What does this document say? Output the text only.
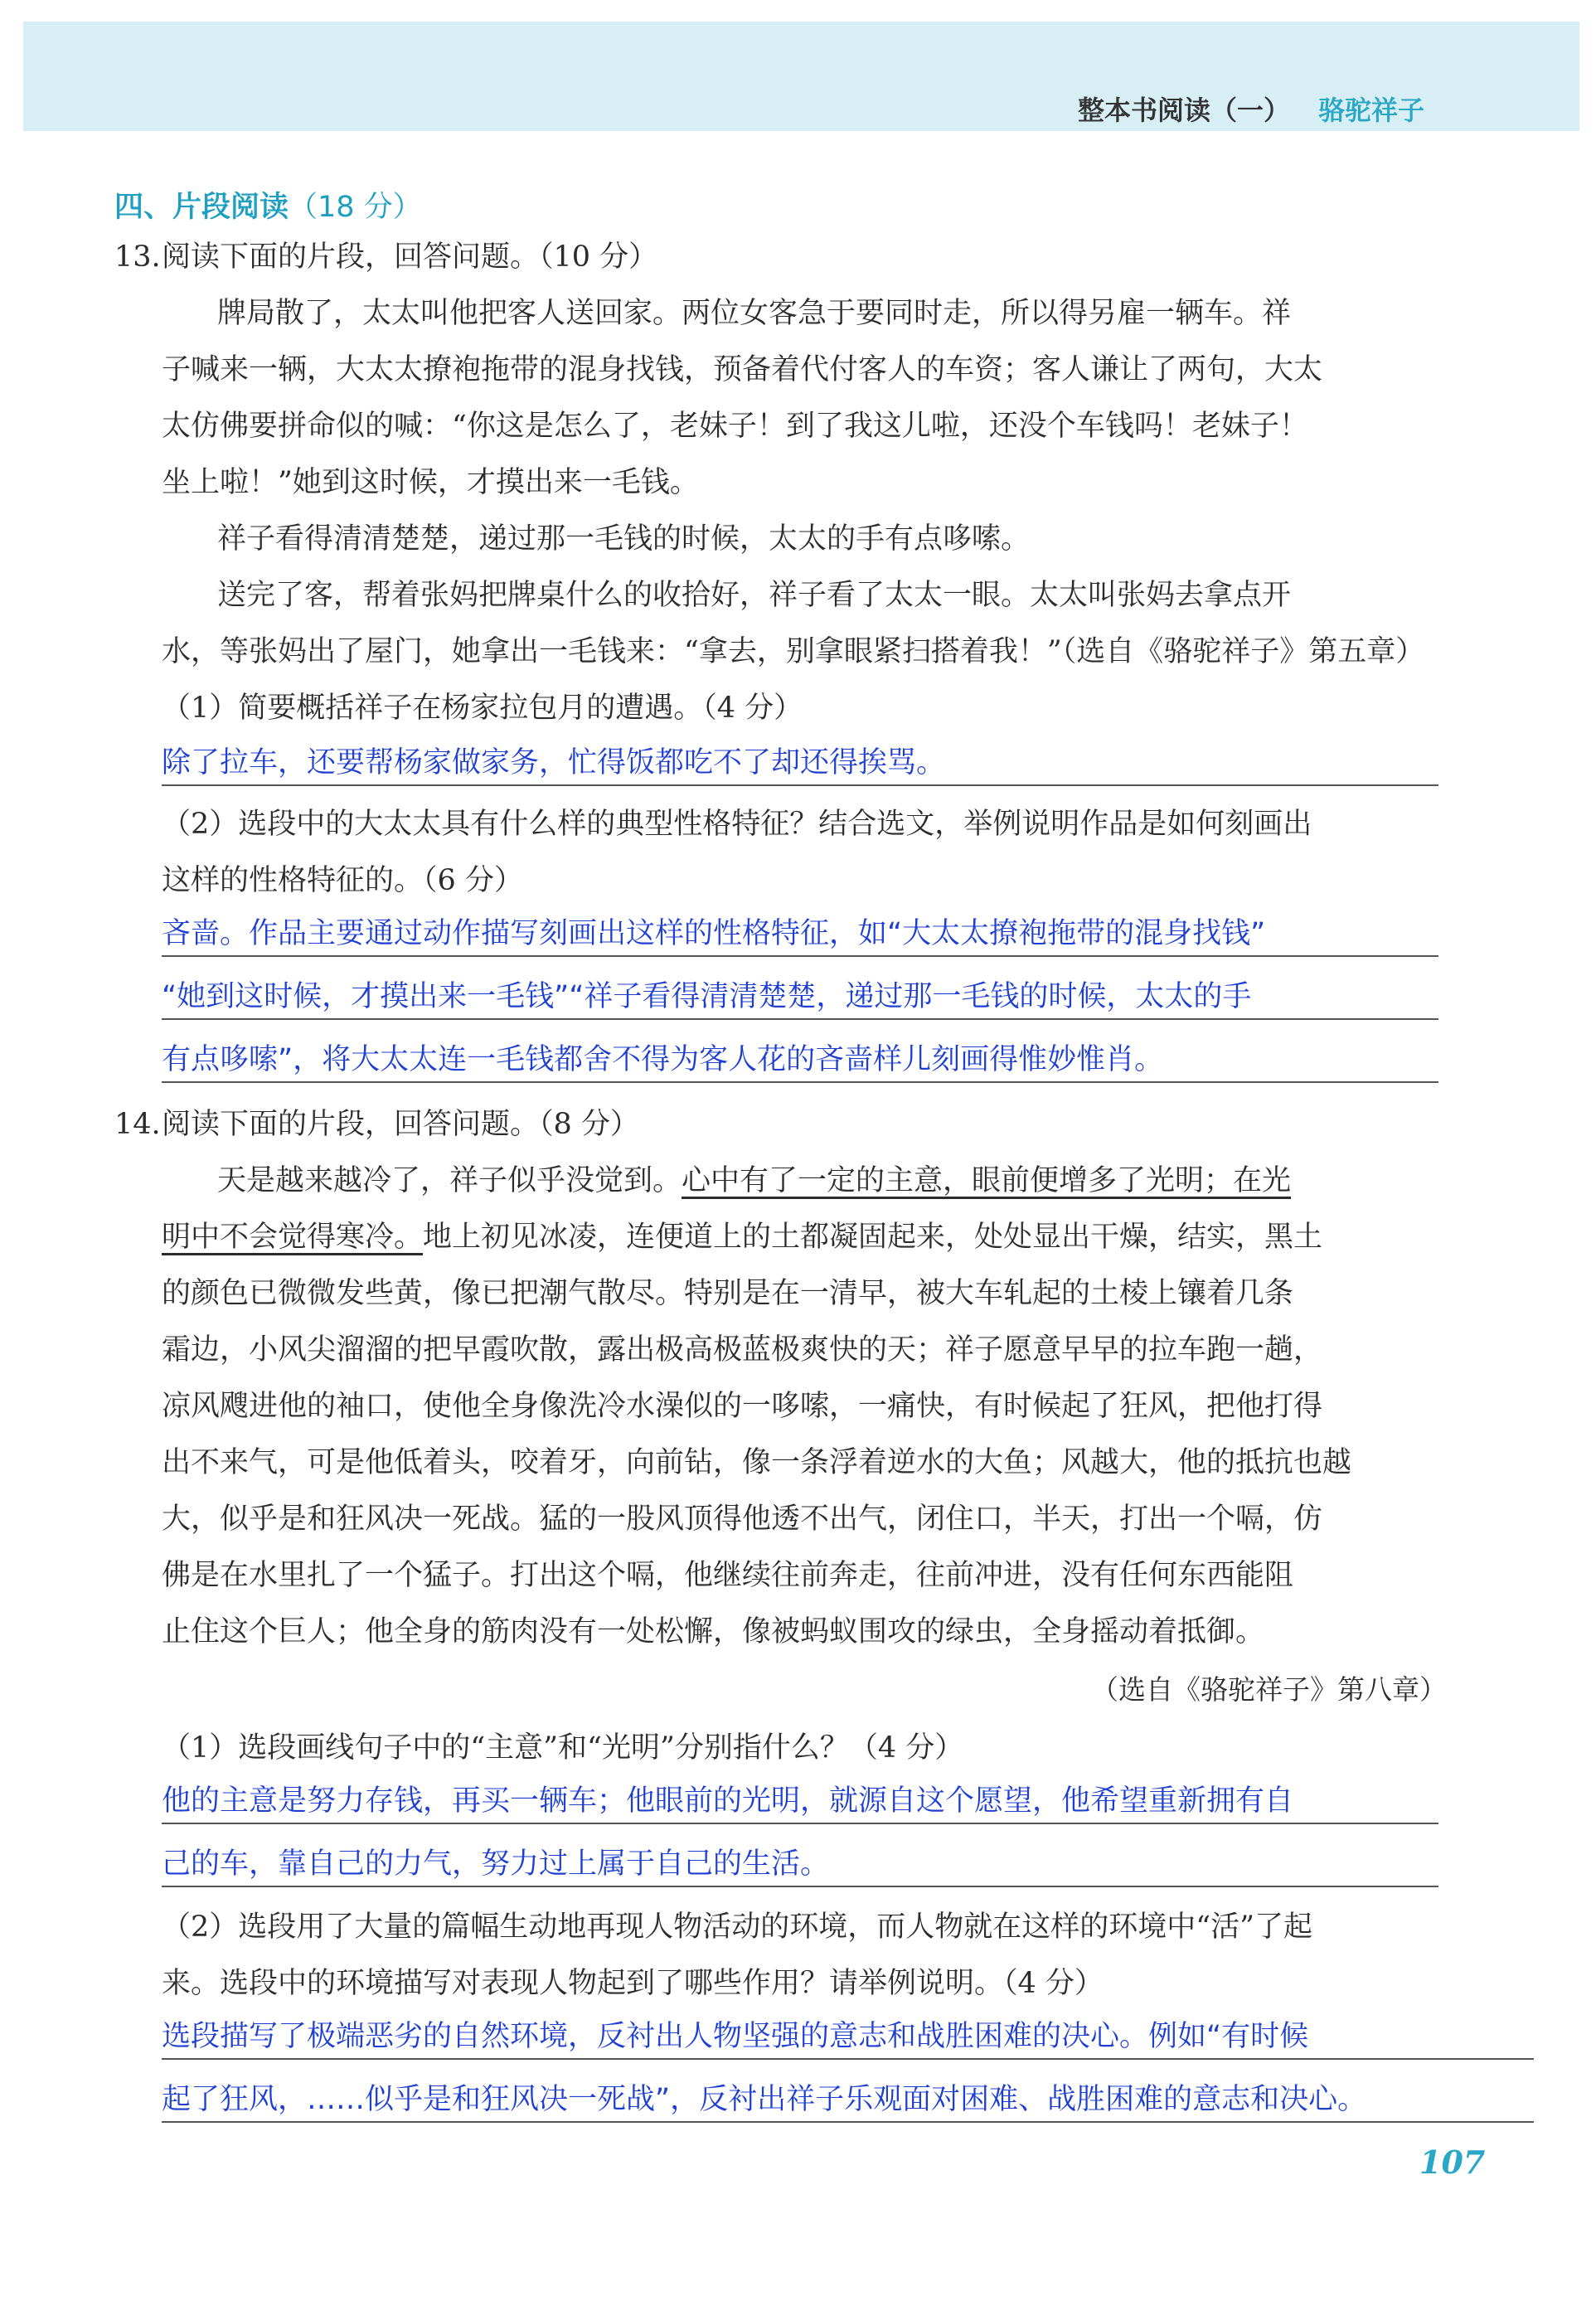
整本书阅读（一） 骆驼祥子
四、片段阅读（18 分）
13. 阅读下面的片段，回答问题。（10 分）
牌局散了，太太叫他把客人送回家。两位女客急于要同时走，所以得另雇一辆车。祥
子喊来一辆，大太太撩袍拖带的混身找钱，预备着代付客人的车资；客人谦让了两句，大太
太仿佛要拼命似的喊：“你这是怎么了，老妹子！到了我这儿啦，还没个车钱吗！老妹子！
坐上啦！”她到这时候，才摸出来一毛钱。
祥子看得清清楚楚，递过那一毛钱的时候，太太的手有点哆嗦。
送完了客，帮着张妈把牌桌什么的收拾好，祥子看了太太一眼。太太叫张妈去拿点开
水，等张妈出了屋门，她拿出一毛钱来：“拿去，别拿眼紧扫搭着我！”（选自《骆驼祥子》第五章）
（1）简要概括祥子在杨家拉包月的遭遇。（4 分）
除了拉车，还要帮杨家做家务，忙得饭都吃不了却还得挨骂。
（2）选段中的大太太具有什么样的典型性格特征？结合选文，举例说明作品是如何刻画出
这样的性格特征的。（6 分）
吝啬。作品主要通过动作描写刻画出这样的性格特征，如“大太太撩袍拖带的混身找钱”
“她到这时候，才摸出来一毛钱”“祥子看得清清楚楚，递过那一毛钱的时候，太太的手
有点哆嗦”，将大太太连一毛钱都舍不得为客人花的吝啬样儿刻画得惟妙惟肖。
14. 阅读下面的片段，回答问题。（8 分）
天是越来越冷了，祥子似乎没觉到。心中有了一定的主意，眼前便增多了光明；在光
明中不会觉得寒冷。地上初见冰凌，连便道上的土都凝固起来，处处显出干燥，结实，黑土
的颜色已微微发些黄，像已把潮气散尽。特别是在一清早，被大车轧起的土棱上镶着几条
霜边，小风尖溜溜的把早霞吹散，露出极高极蓝极爽快的天；祥子愿意早早的拉车跑一趟，
凉风飕进他的袖口，使他全身像洗冷水澡似的一哆嗦，一痛快，有时候起了狂风，把他打得
出不来气，可是他低着头，咬着牙，向前钻，像一条浮着逆水的大鱼；风越大，他的抵抗也越
大，似乎是和狂风决一死战。猛的一股风顶得他透不出气，闭住口，半天，打出一个嗝，仿
佛是在水里扎了一个猛子。打出这个嗝，他继续往前奔走，往前冲进，没有任何东西能阻
止住这个巨人；他全身的筋肉没有一处松懈，像被蚂蚁围攻的绿虫，全身摇动着抵御。
（选自《骆驼祥子》第八章）
（1）选段画线句子中的“主意”和“光明”分别指什么？（4 分）
他的主意是努力存钱，再买一辆车；他眼前的光明，就源自这个愿望，他希望重新拥有自
己的车，靠自己的力气，努力过上属于自己的生活。
（2）选段用了大量的篇幅生动地再现人物活动的环境，而人物就在这样的环境中“活”了起
来。选段中的环境描写对表现人物起到了哪些作用？请举例说明。（4 分）
选段描写了极端恶劣的自然环境，反衬出人物坚强的意志和战胜困难的决心。例如“有时候
起了狂风，……似乎是和狂风决一死战”，反衬出祥子乐观面对困难、战胜困难的意志和决心。
107
